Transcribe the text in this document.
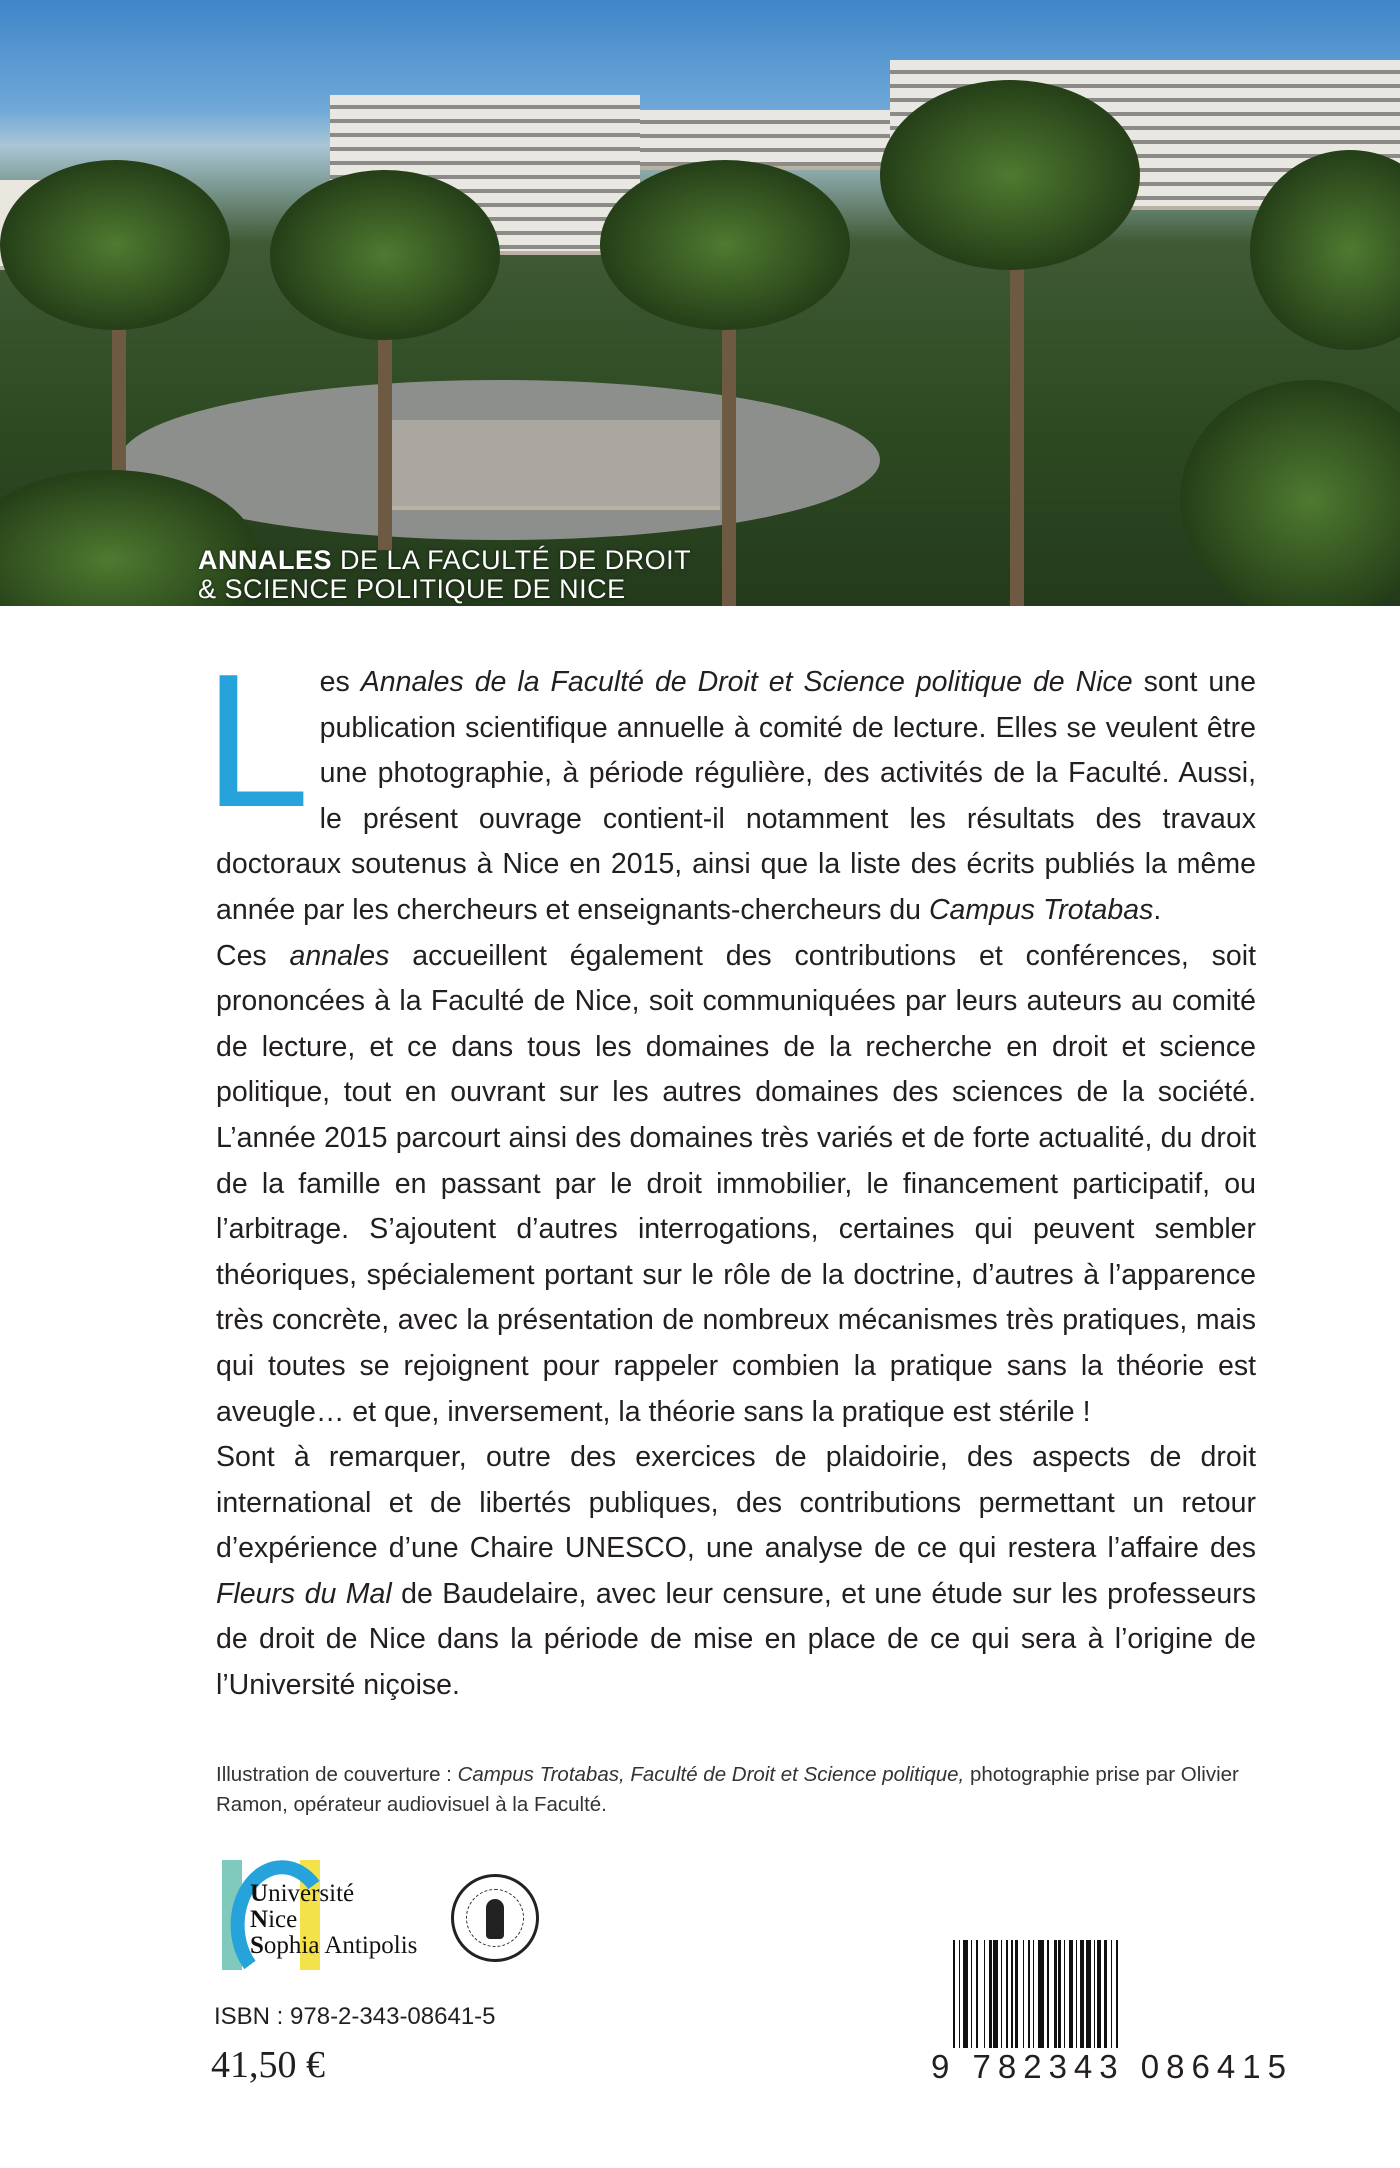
ANNALES DE LA FACULTÉ DE DROIT
& SCIENCE POLITIQUE DE NICE
L es Annales de la Faculté de Droit et Science politique de Nice sont une publication scientifique annuelle à comité de lecture. Elles se veulent être une photographie, à période régulière, des activités de la Faculté. Aussi, le présent ouvrage contient-il notamment les résultats des travaux doctoraux soutenus à Nice en 2015, ainsi que la liste des écrits publiés la même année par les chercheurs et enseignants-chercheurs du Campus Trotabas.

Ces annales accueillent également des contributions et conférences, soit prononcées à la Faculté de Nice, soit communiquées par leurs auteurs au comité de lecture, et ce dans tous les domaines de la recherche en droit et science politique, tout en ouvrant sur les autres domaines des sciences de la société. L’année 2015 parcourt ainsi des domaines très variés et de forte actualité, du droit de la famille en passant par le droit immobilier, le financement participatif, ou l’arbitrage. S’ajoutent d’autres interrogations, certaines qui peuvent sembler théoriques, spécialement portant sur le rôle de la doctrine, d’autres à l’apparence très concrète, avec la présentation de nombreux mécanismes très pratiques, mais qui toutes se rejoignent pour rappeler combien la pratique sans la théorie est aveugle… et que, inversement, la théorie sans la pratique est stérile !

Sont à remarquer, outre des exercices de plaidoirie, des aspects de droit international et de libertés publiques, des contributions permettant un retour d’expérience d’une Chaire UNESCO, une analyse de ce qui restera l’affaire des Fleurs du Mal de Baudelaire, avec leur censure, et une étude sur les professeurs de droit de Nice dans la période de mise en place de ce qui sera à l’origine de l’Université niçoise.

Illustration de couverture : Campus Trotabas, Faculté de Droit et Science politique, photographie prise par Olivier Ramon, opérateur audiovisuel à la Faculté.
Université
Nice
Sophia Antipolis
ISBN : 978-2-343-08641-5
41,50 €	9 782343 086415
